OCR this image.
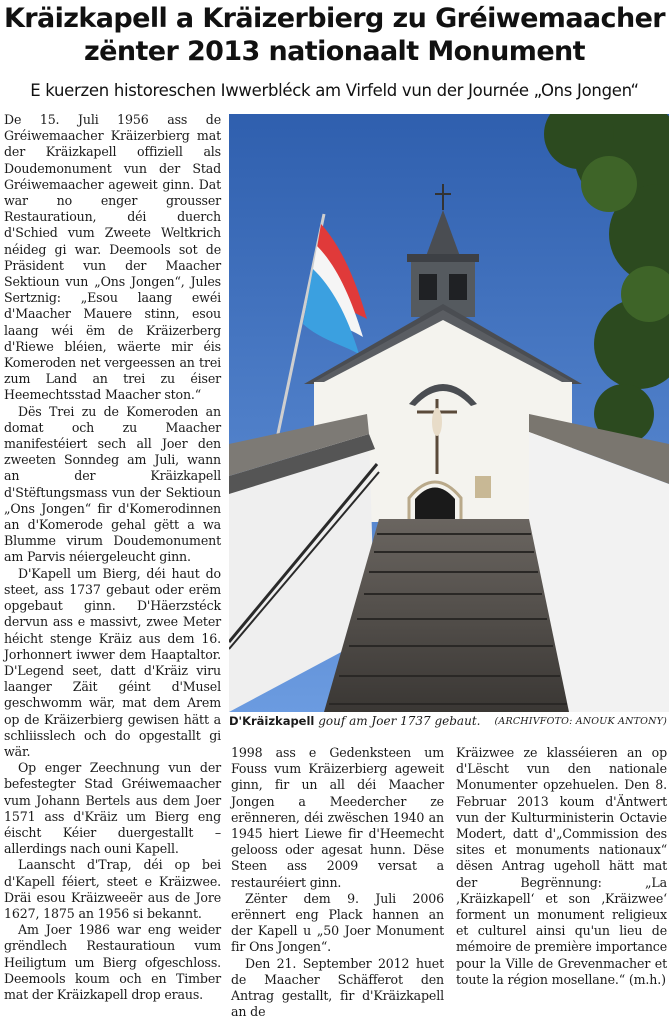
Kräizkapell a Kräizerbierg zu Gréiwemaacher
zënter 2013 nationaalt Monument
E kuerzen historeschen Iwwerbléck am Virfeld vun der Journée „Ons Jongen“

De 15. Juli 1956 ass de Gréiwemaacher Kräizerbierg mat der Kräizkapell offiziell als Doudemonument vun der Stad Gréiwemaacher ageweit ginn. Dat war no enger grousser Restauratioun, déi duerch d'Schied vum Zweete Weltkrich néideg gi war. Deemools sot de Präsident vun der Maacher Sektioun vun „Ons Jongen“, Jules Sertznig: „Esou laang ewéi d'Maacher Mauere stinn, esou laang wéi ëm de Kräizerberg d'Riewe bléien, wäerte mir éis Komeroden net vergeessen an trei zum Land an trei zu éiser Heemechtsstad Maacher ston.“

Dës Trei zu de Komeroden an domat och zu Maacher manifestéiert sech all Joer den zweeten Sonndeg am Juli, wann an der Kräizkapell d'Stëftungsmass vun der Sektioun „Ons Jongen“ fir d'Komerodinnen an d'Komerode gehal gëtt a wa Blumme virum Doudemonument am Parvis néiergeleucht ginn.

D'Kapell um Bierg, déi haut do steet, ass 1737 gebaut oder erëm opgebaut ginn. D'Häerzstéck dervun ass e massivt, zwee Meter héicht stenge Kräiz aus dem 16. Jorhonnert iwwer dem Haaptaltor. D'Legend seet, datt d'Kräiz viru laanger Zäit géint d'Musel geschwomm wär, mat dem Arem op de Kräizerbierg gewisen hätt a schliisslech och do opgestallt gi wär.

Op enger Zeechnung vun der befestegter Stad Gréiwemaacher vum Johann Bertels aus dem Joer 1571 ass d'Kräiz um Bierg eng éischt Kéier duergestallt – allerdings nach ouni Kapell.

Laanscht d'Trap, déi op bei d'Kapell féiert, steet e Kräizwee. Dräi esou Kräizweeër aus de Jore 1627, 1875 an 1956 si bekannt.

Am Joer 1986 war eng weider grëndlech Restauratioun vum Heiligtum um Bierg ofgeschloss. Deemools koum och en Timber mat der Kräizkapell drop eraus.

D'Kräizkapell gouf am Joer 1737 gebaut. (ARCHIVFOTO: ANOUK ANTONY)

1998 ass e Gedenksteen um Fouss vum Kräizerbierg ageweit ginn, fir un all déi Maacher Jongen a Meedercher ze erënneren, déi zwëschen 1940 an 1945 hiert Liewe fir d'Heemecht gelooss oder agesat hunn. Dëse Steen ass 2009 versat a restauréiert ginn.

Zënter dem 9. Juli 2006 erënnert eng Plack hannen an der Kapell u „50 Joer Monument fir Ons Jongen“.

Den 21. September 2012 huet de Maacher Schäfferot den Antrag gestallt, fir d'Kräizkapell an de

Kräizwee ze klasséieren an op d'Lëscht vun den nationale Monumenter opzehuelen. Den 8. Februar 2013 koum d'Äntwert vun der Kulturministerin Octavie Modert, datt d'„Commission des sites et monuments nationaux“ dësen Antrag ugeholl hätt mat der Begrënnung: „La ‚Kräizkapell‘ et son ‚Kräizwee‘ forment un monument religieux et culturel ainsi qu'un lieu de mémoire de première importance pour la Ville de Grevenmacher et toute la région mosellane.“ (m.h.)
